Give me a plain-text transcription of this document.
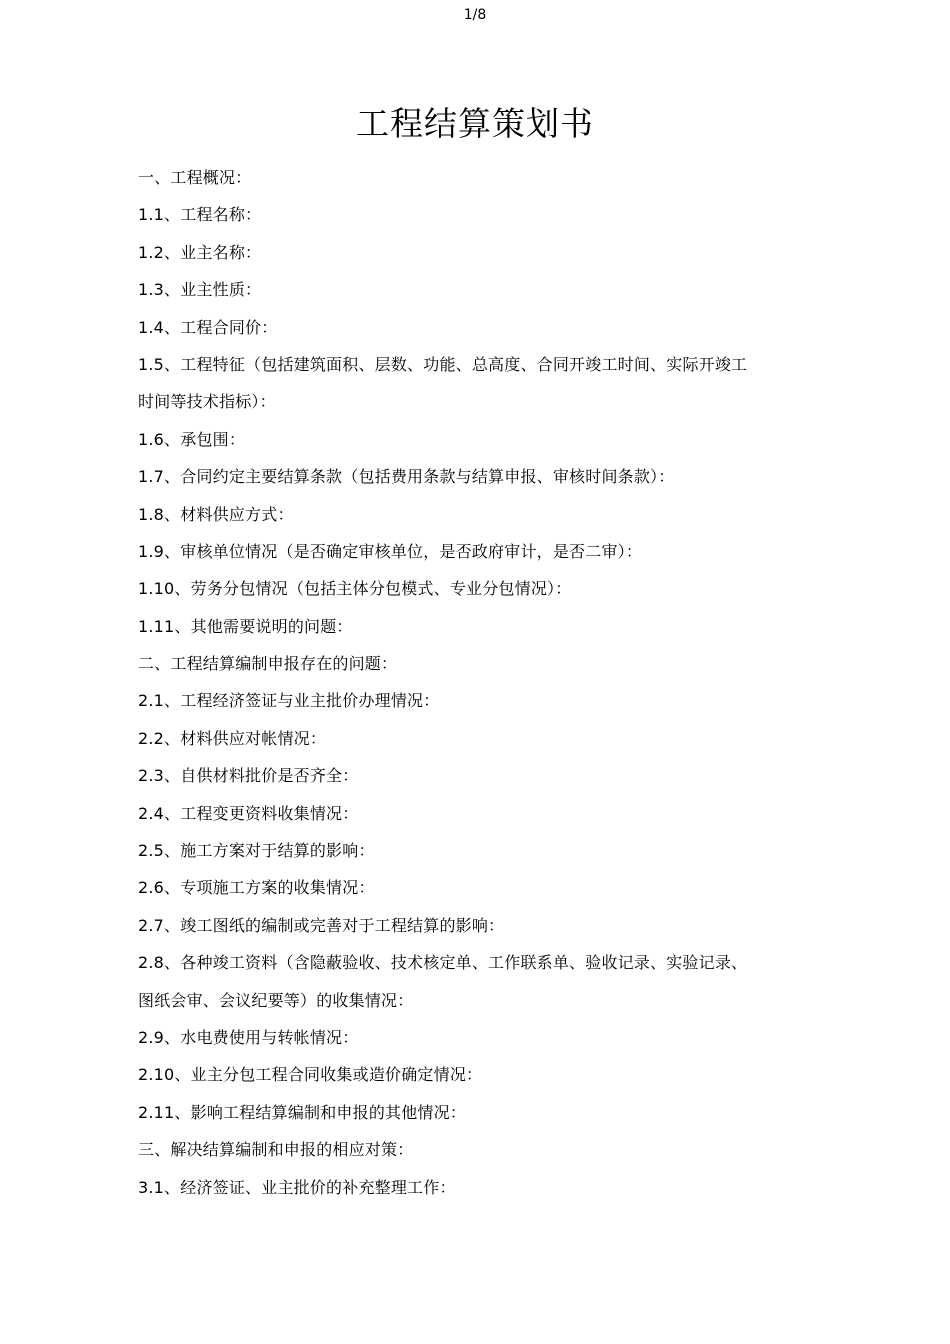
1/8
工程结算策划书
一、工程概况：
1.1、工程名称：
1.2、业主名称：
1.3、业主性质：
1.4、工程合同价：
1.5、工程特征（包括建筑面积、层数、功能、总高度、合同开竣工时间、实际开竣工
时间等技术指标）：
1.6、承包围：
1.7、合同约定主要结算条款（包括费用条款与结算申报、审核时间条款）：
1.8、材料供应方式：
1.9、审核单位情况（是否确定审核单位，是否政府审计，是否二审）：
1.10、劳务分包情况（包括主体分包模式、专业分包情况）：
1.11、其他需要说明的问题：
二、工程结算编制申报存在的问题：
2.1、工程经济签证与业主批价办理情况：
2.2、材料供应对帐情况：
2.3、自供材料批价是否齐全：
2.4、工程变更资料收集情况：
2.5、施工方案对于结算的影响：
2.6、专项施工方案的收集情况：
2.7、竣工图纸的编制或完善对于工程结算的影响：
2.8、各种竣工资料（含隐蔽验收、技术核定单、工作联系单、验收记录、实验记录、
图纸会审、会议纪要等）的收集情况：
2.9、水电费使用与转帐情况：
2.10、业主分包工程合同收集或造价确定情况：
2.11、影响工程结算编制和申报的其他情况：
三、解决结算编制和申报的相应对策：
3.1、经济签证、业主批价的补充整理工作：
